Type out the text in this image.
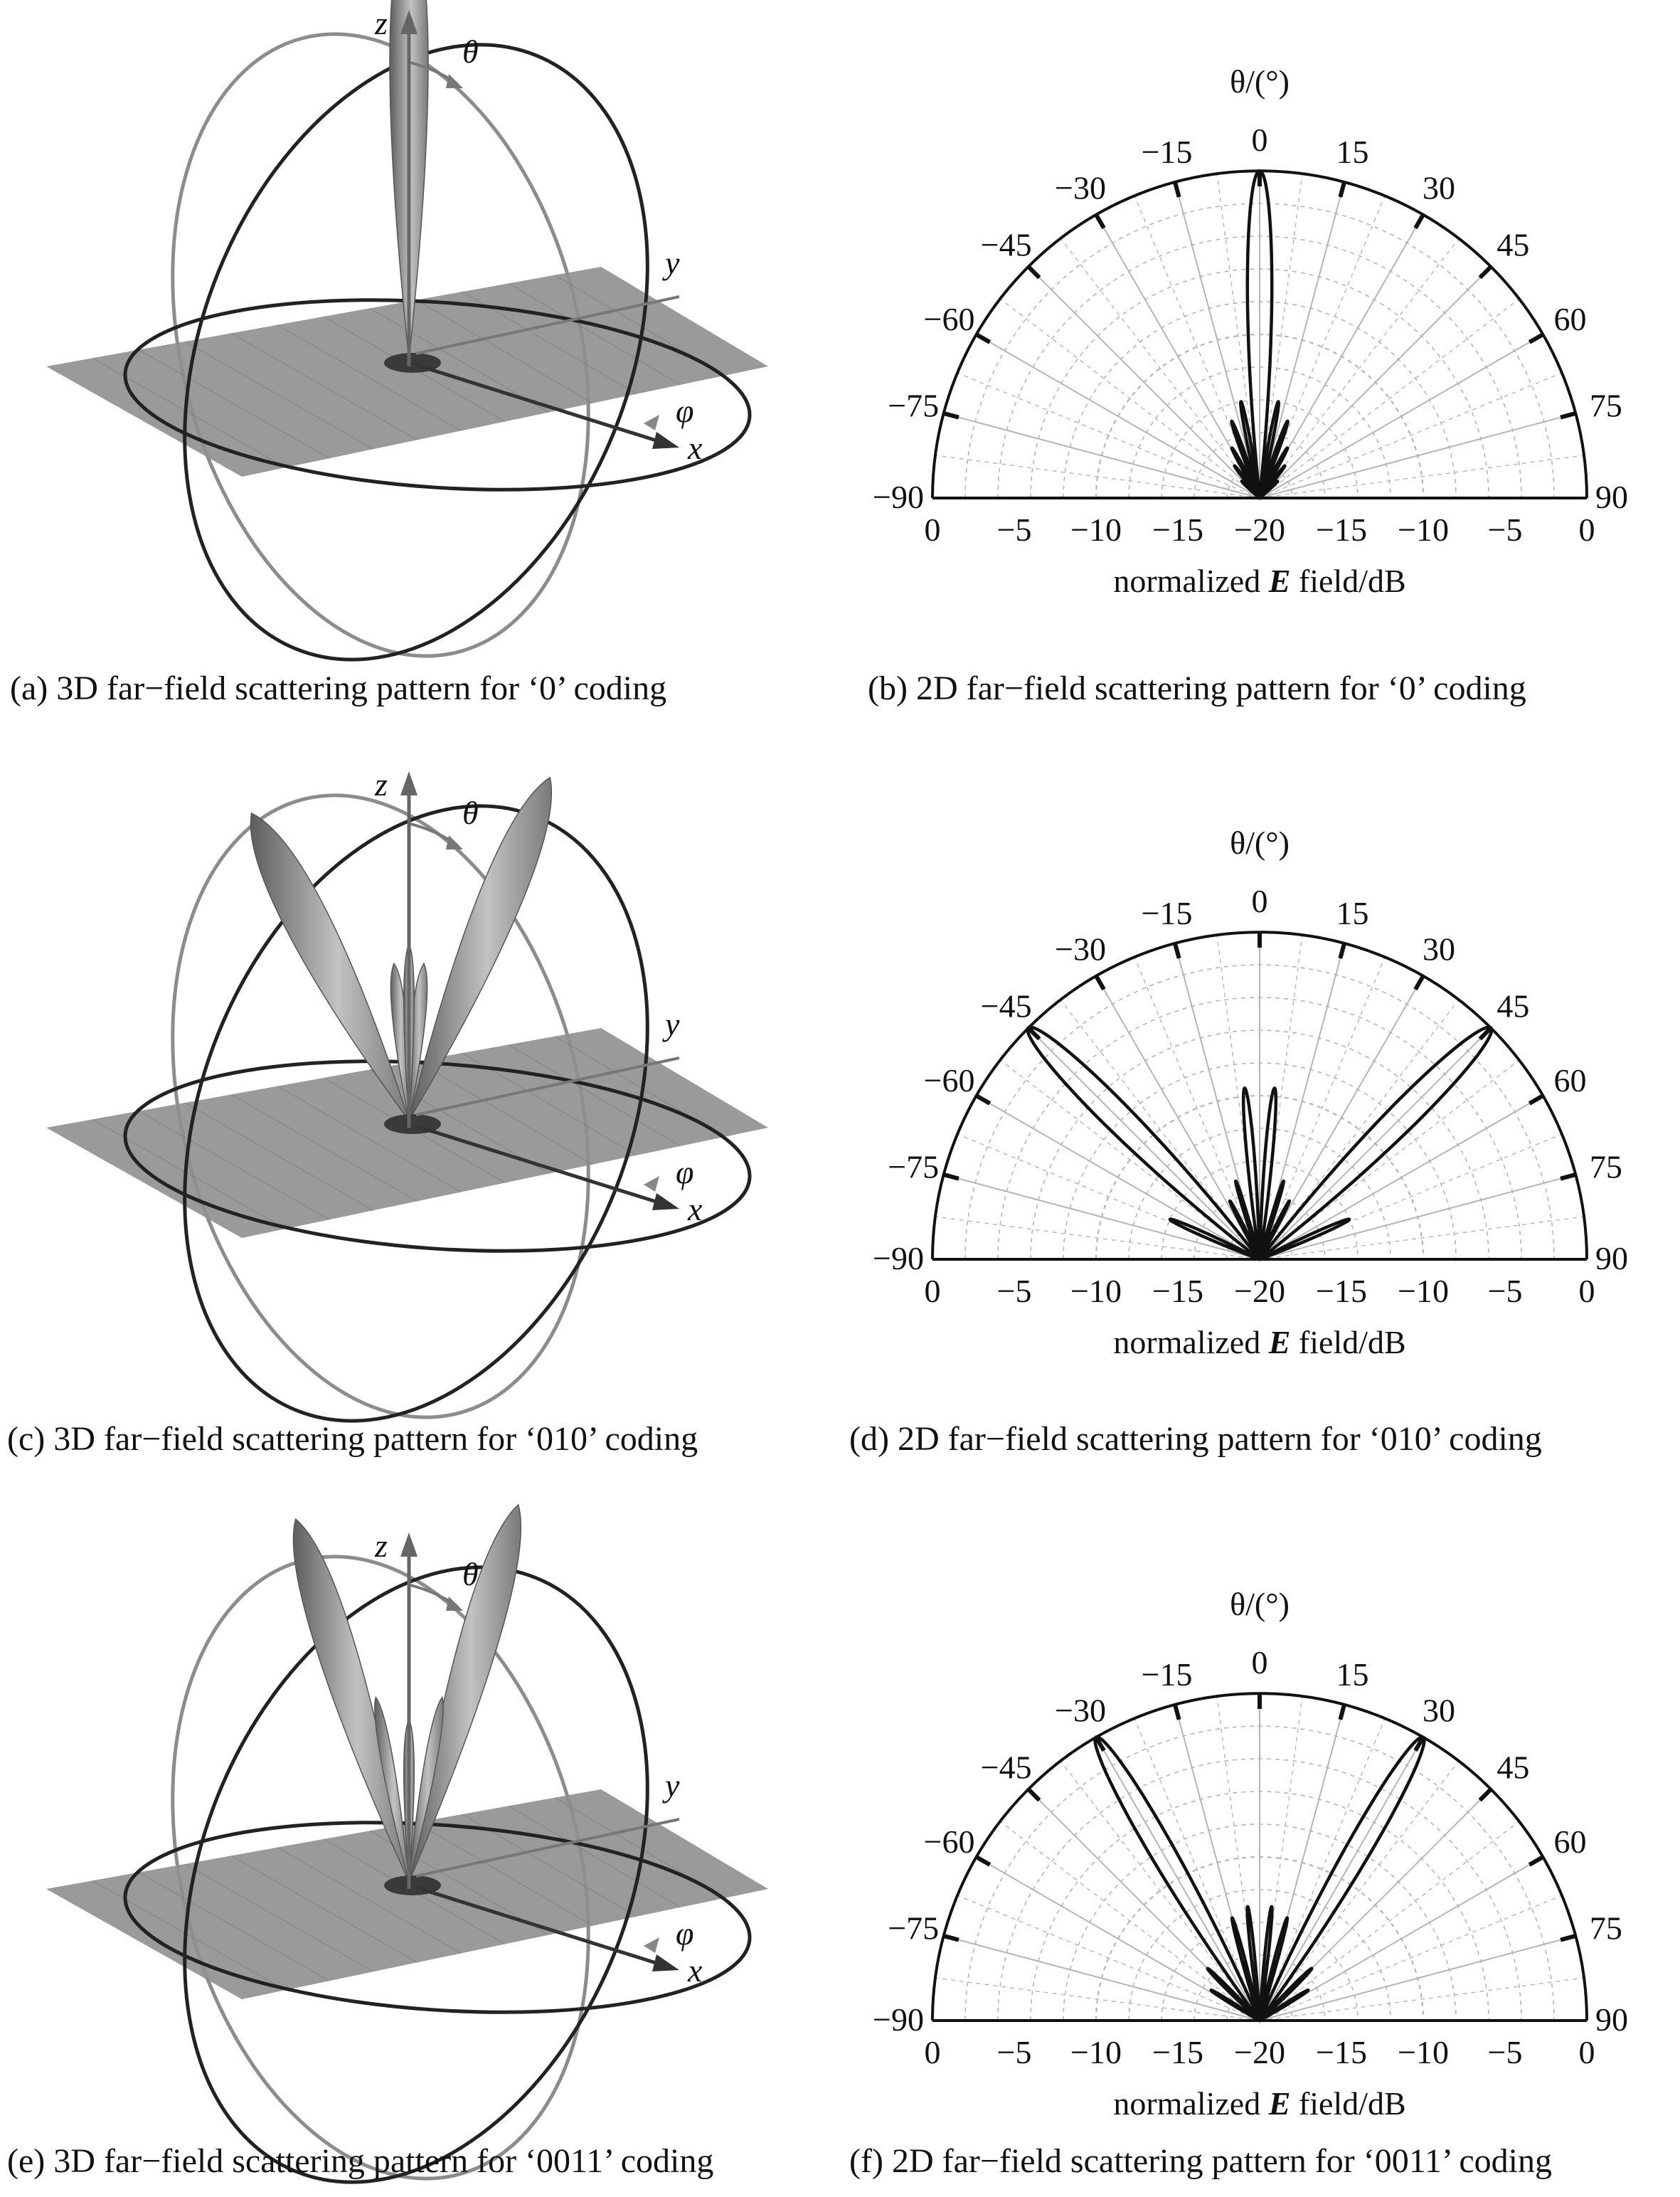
z
θ
y
x
φ
z
θ
y
x
φ
z
θ
y
x
φ
−90
−75
−60
−45
−30
−15 0 15
30
45
60
75
90
θ/(°)
0 −5 −10 −15 −20 −15 −10 −5 0
normalized E field/dB
−90
−75
−60
−45
−30
−15 0 15
30
45
60
75
90
θ/(°)
0 −5 −10 −15 −20 −15 −10 −5 0
normalized E field/dB
−90
−75
−60
−45
−30
−15 0 15
30
45
60
75
90
θ/(°)
0 −5 −10 −15 −20 −15 −10 −5 0
normalized E field/dB
(a) 3D far−field scattering pattern for ‘0’ coding	(b) 2D far−field scattering pattern for ‘0’ coding
(c) 3D far−field scattering pattern for ‘010’ coding	(d) 2D far−field scattering pattern for ‘010’ coding
(e) 3D far−field scattering pattern for ‘0011’ coding	(f) 2D far−field scattering pattern for ‘0011’ coding
